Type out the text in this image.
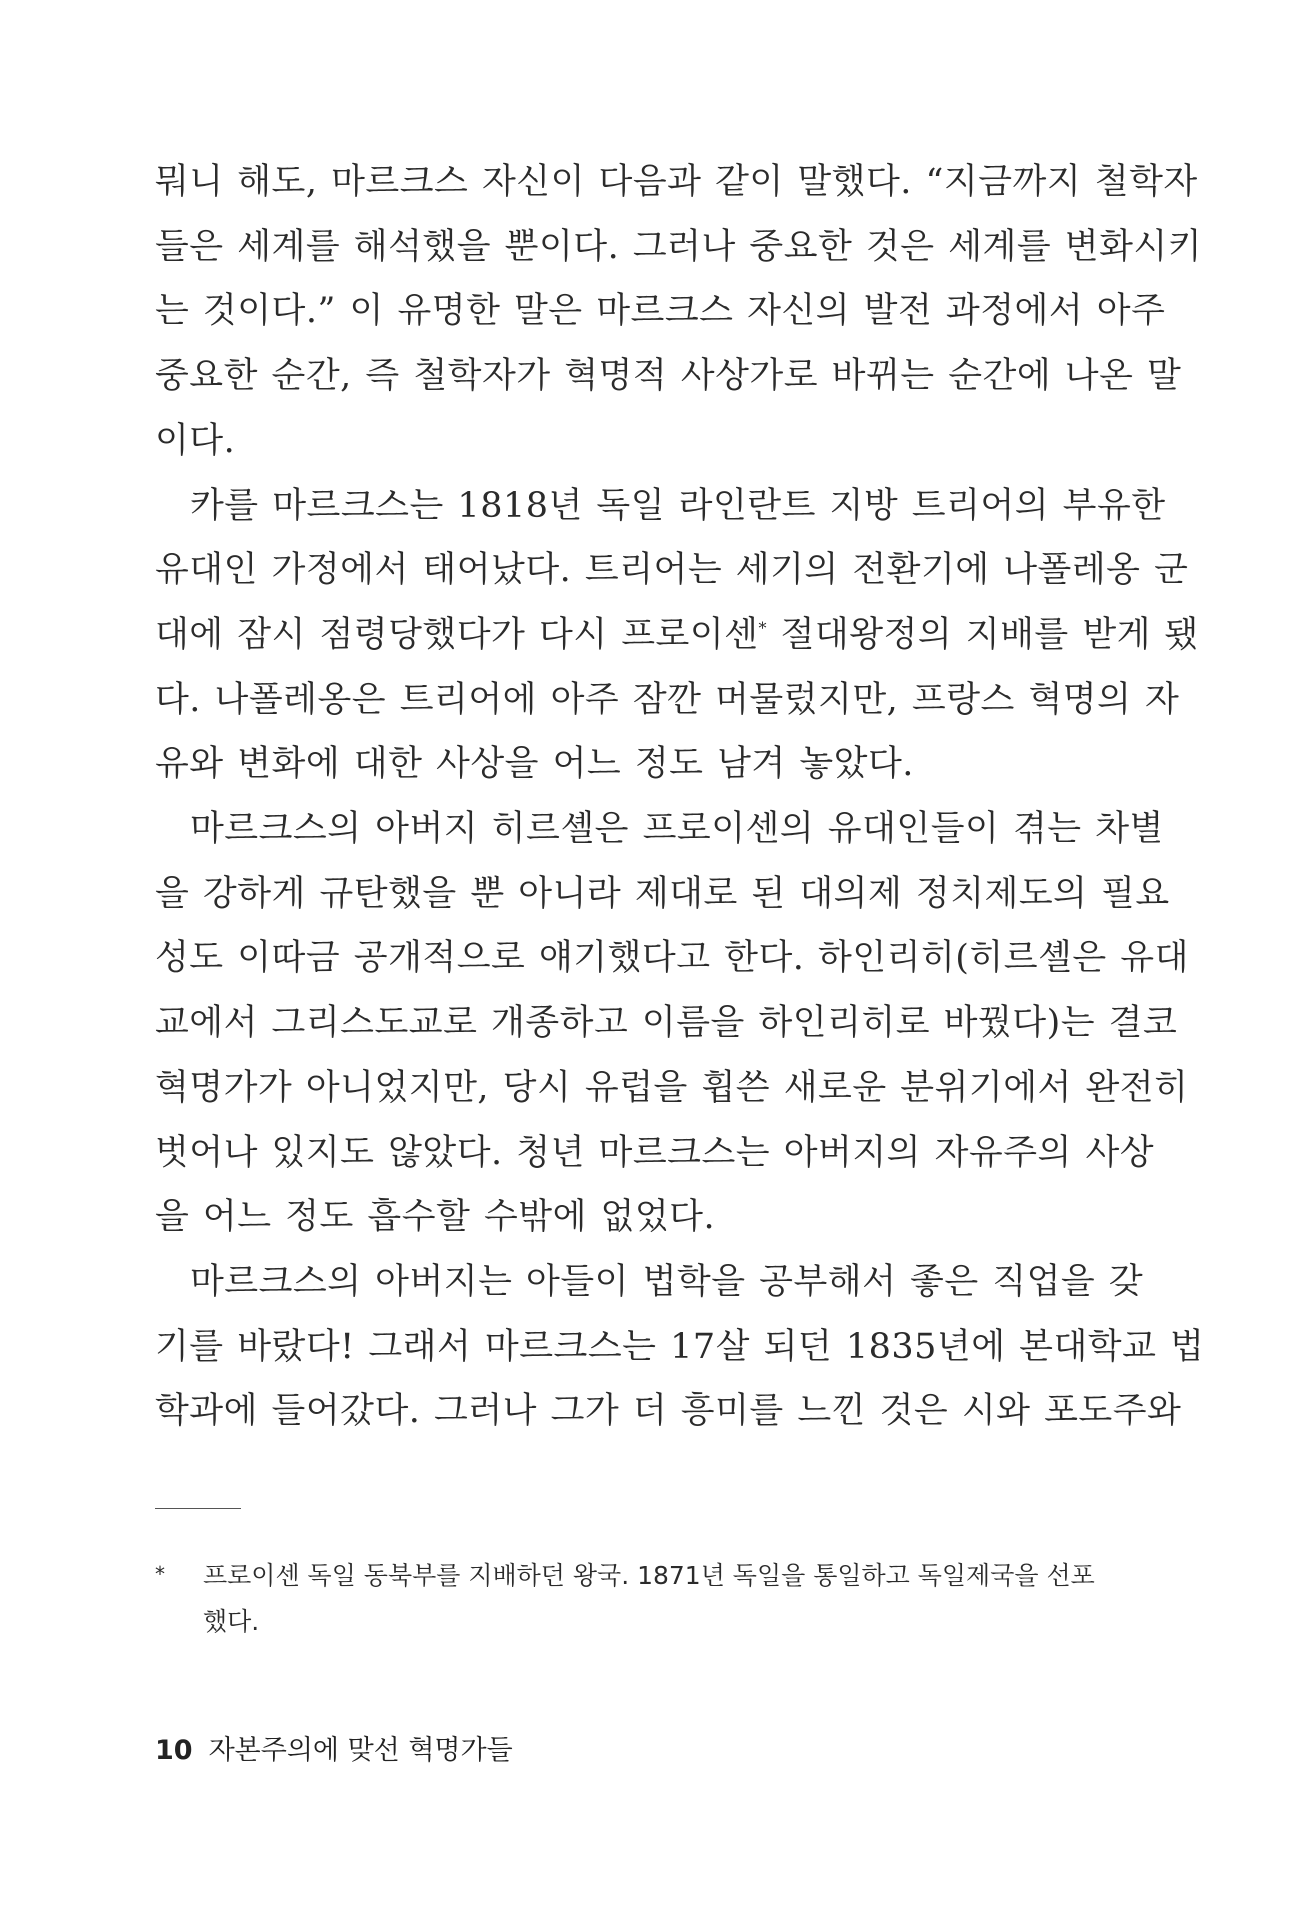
뭐니 해도, 마르크스 자신이 다음과 같이 말했다. “지금까지 철학자
들은 세계를 해석했을 뿐이다. 그러나 중요한 것은 세계를 변화시키
는 것이다.” 이 유명한 말은 마르크스 자신의 발전 과정에서 아주
중요한 순간, 즉 철학자가 혁명적 사상가로 바뀌는 순간에 나온 말
이다.

카를 마르크스는 1818년 독일 라인란트 지방 트리어의 부유한
유대인 가정에서 태어났다. 트리어는 세기의 전환기에 나폴레옹 군
대에 잠시 점령당했다가 다시 프로이센* 절대왕정의 지배를 받게 됐
다. 나폴레옹은 트리어에 아주 잠깐 머물렀지만, 프랑스 혁명의 자
유와 변화에 대한 사상을 어느 정도 남겨 놓았다.

마르크스의 아버지 히르셸은 프로이센의 유대인들이 겪는 차별
을 강하게 규탄했을 뿐 아니라 제대로 된 대의제 정치제도의 필요
성도 이따금 공개적으로 얘기했다고 한다. 하인리히(히르셸은 유대
교에서 그리스도교로 개종하고 이름을 하인리히로 바꿨다)는 결코
혁명가가 아니었지만, 당시 유럽을 휩쓴 새로운 분위기에서 완전히
벗어나 있지도 않았다. 청년 마르크스는 아버지의 자유주의 사상
을 어느 정도 흡수할 수밖에 없었다.

마르크스의 아버지는 아들이 법학을 공부해서 좋은 직업을 갖
기를 바랐다! 그래서 마르크스는 17살 되던 1835년에 본대학교 법
학과에 들어갔다. 그러나 그가 더 흥미를 느낀 것은 시와 포도주와

* 프로이센 독일 동북부를 지배하던 왕국. 1871년 독일을 통일하고 독일제국을 선포
했다.
10 자본주의에 맞선 혁명가들
